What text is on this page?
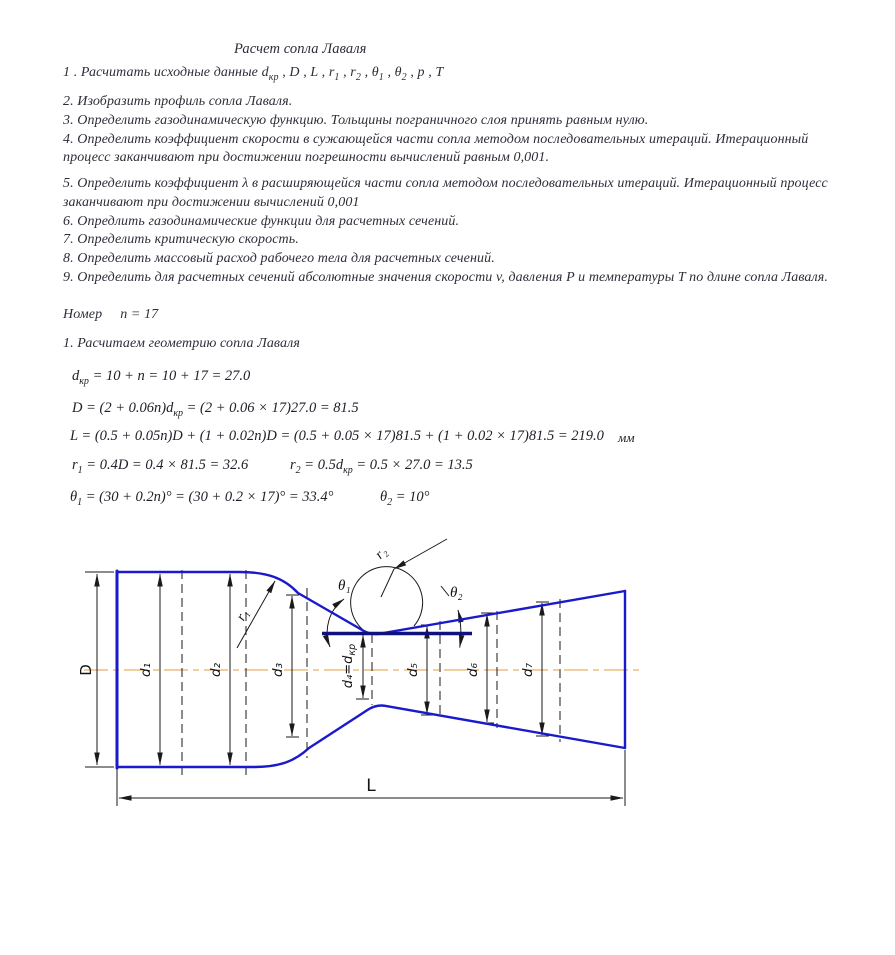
Расчет сопла Лаваля
1 . Расчитать исходные данные $d_{кр}$ , D , L , $r_1$ , $r_2$ , $\theta_1$ , $\theta_2$ , p , T
2. Изобразить профиль сопла Лаваля.
3. Определить газодинамическую функцию. Тольщины пограничного слоя принять равным нулю.
4. Определить коэффициент скорости в сужающейся части сопла методом последовательных итераций. Итерационный процесс заканчивают при достижении погрешности вычислений равным 0,001.
5. Определить коэффициент λ в расширяющейся части сопла методом последовательных итераций. Итерационный процесс заканчивают при достижении вычислений 0,001
6. Опредлить газодинамические функции для расчетных сечений.
7. Определить критическую скорость.
8. Определить массовый расход рабочего тела для расчетных сечений.
9. Определить для расчетных сечений абсолютные значения скорости v, давления P и температуры T по длине сопла Лаваля.
Номер     n = 17
1. Расчитаем геометрию сопла Лаваля
$d_{кр} = 10 + n = 10 + 17 = 27.0$
$D = (2 + 0.06n)d_{кр} = (2 + 0.06 \times 17)27.0 = 81.5$
L = (0.5 + 0.05n)D + (1 + 0.02n)D = (0.5 + 0.05 × 17)81.5 + (1 + 0.02 × 17)81.5 = 219.0 мм
$r_1 = 0.4D = 0.4 \times 81.5 = 32.6$	$r_2 = 0.5d_{кр} = 0.5 \times 27.0 = 13.5$
$\theta_1 = (30 + 0.2n)^\circ = (30 + 0.2 \times 17)^\circ = 33.4^\circ$	$\theta_2 = 10^\circ$
D	d₁	d₂	d₃	$d_4=d_{кр}$
d₅	d₆	d₇
L
θ₁	θ₂
r₁
r₂
